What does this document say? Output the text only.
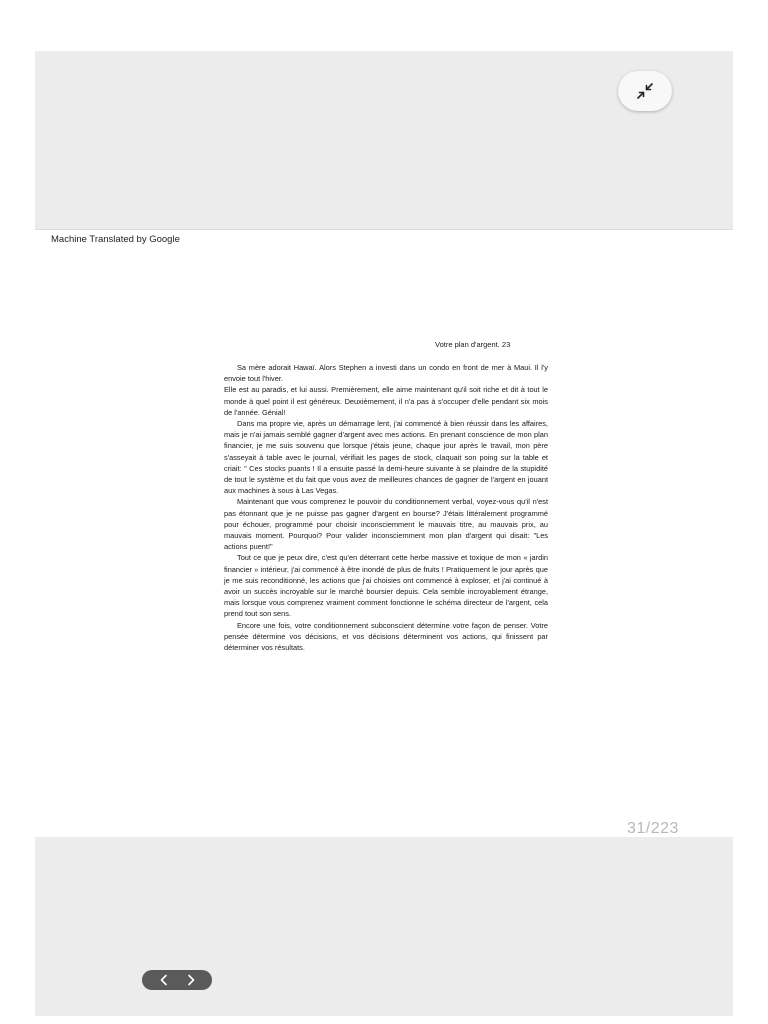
Machine Translated by Google
Votre plan d'argent. 23

Sa mère adorait Hawaï. Alors Stephen a investi dans un condo en front de mer à Maui. Il l'y envoie tout l'hiver.

Elle est au paradis, et lui aussi. Premièrement, elle aime maintenant qu'il soit riche et dit à tout le monde à quel point il est généreux. Deuxièmement, il n'a pas à s'occuper d'elle pendant six mois de l'année. Génial!

Dans ma propre vie, après un démarrage lent, j'ai commencé à bien réussir dans les affaires, mais je n'ai jamais semblé gagner d'argent avec mes actions. En prenant conscience de mon plan financier, je me suis souvenu que lorsque j'étais jeune, chaque jour après le travail, mon père s'asseyait à table avec le journal, vérifiait les pages de stock, claquait son poing sur la table et criait: " Ces stocks puants ! Il a ensuite passé la demi-heure suivante à se plaindre de la stupidité de tout le système et du fait que vous avez de meilleures chances de gagner de l'argent en jouant aux machines à sous à Las Vegas.

Maintenant que vous comprenez le pouvoir du conditionnement verbal, voyez-vous qu'il n'est pas étonnant que je ne puisse pas gagner d'argent en bourse? J'étais littéralement programmé pour échouer, programmé pour choisir inconsciemment le mauvais titre, au mauvais prix, au mauvais moment. Pourquoi? Pour valider inconsciemment mon plan d'argent qui disait: "Les actions puent!"

Tout ce que je peux dire, c'est qu'en déterrant cette herbe massive et toxique de mon « jardin financier » intérieur, j'ai commencé à être inondé de plus de fruits ! Pratiquement le jour après que je me suis reconditionné, les actions que j'ai choisies ont commencé à exploser, et j'ai continué à avoir un succès incroyable sur le marché boursier depuis. Cela semble incroyablement étrange, mais lorsque vous comprenez vraiment comment fonctionne le schéma directeur de l'argent, cela prend tout son sens.

Encore une fois, votre conditionnement subconscient détermine votre façon de penser. Votre pensée détermine vos décisions, et vos décisions déterminent vos actions, qui finissent par déterminer vos résultats.

31/223
